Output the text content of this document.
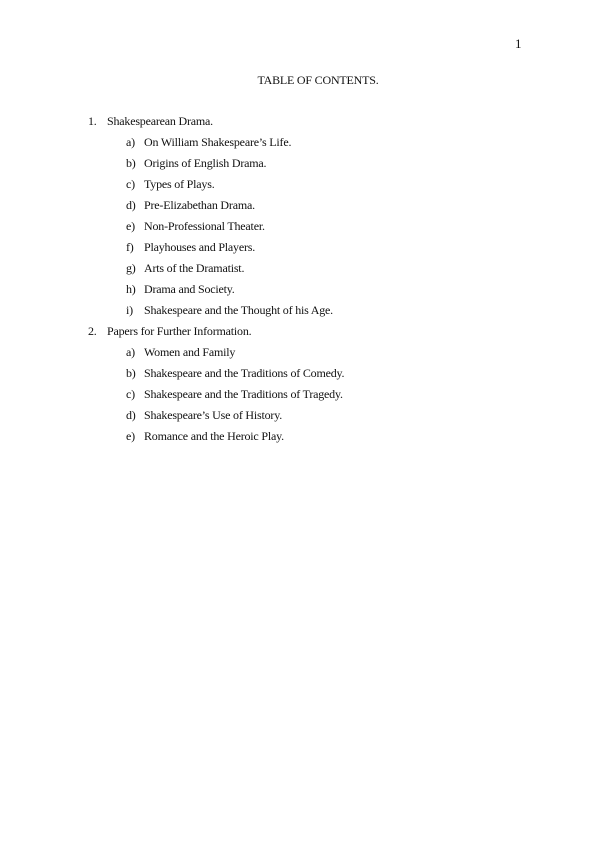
1
TABLE OF CONTENTS.
1. Shakespearean Drama.
a) On William Shakespeare’s Life.
b) Origins of English Drama.
c) Types of Plays.
d) Pre-Elizabethan Drama.
e) Non-Professional Theater.
f) Playhouses and Players.
g) Arts of the Dramatist.
h) Drama and Society.
i) Shakespeare and the Thought of his Age.
2. Papers for Further Information.
a) Women and Family
b) Shakespeare and the Traditions of Comedy.
c) Shakespeare and the Traditions of Tragedy.
d) Shakespeare’s Use of History.
e) Romance and the Heroic Play.
